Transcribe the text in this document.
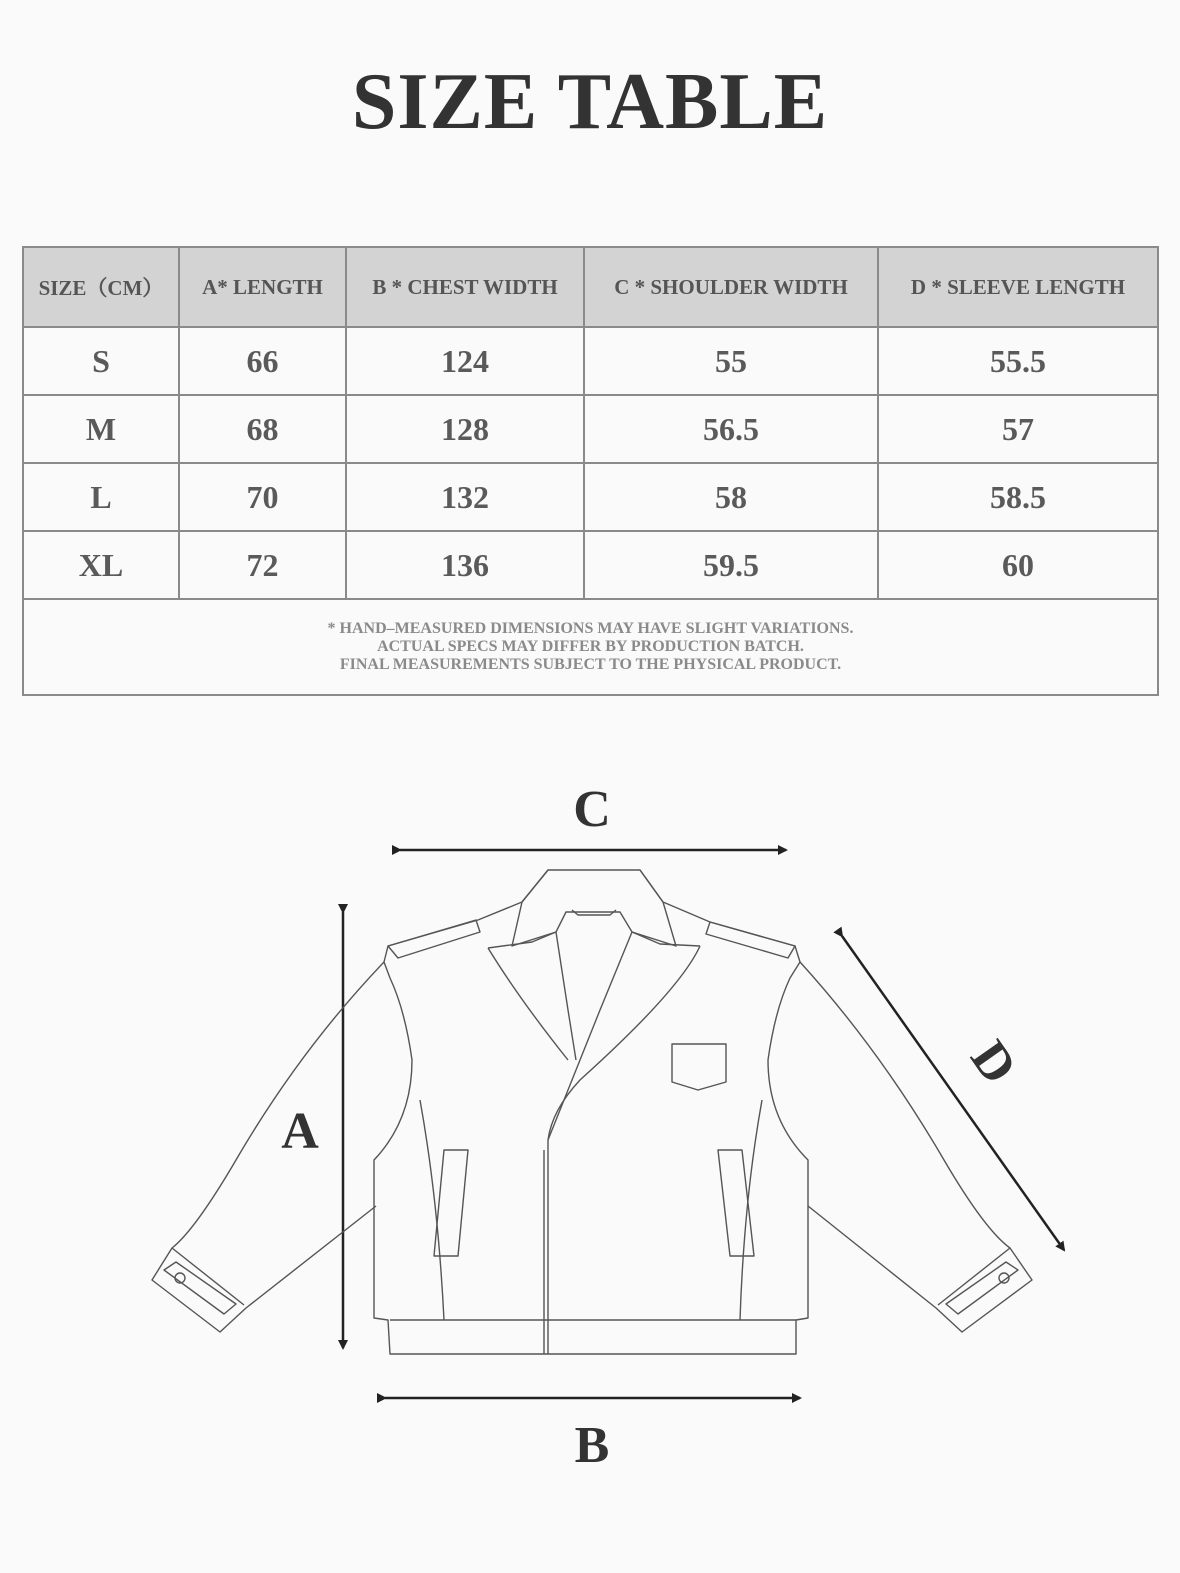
SIZE TABLE
SIZE（CM）	A* LENGTH	B * CHEST WIDTH	C * SHOULDER WIDTH	D * SLEEVE LENGTH
S	66	124	55	55.5
M	68	128	56.5	57
L	70	132	58	58.5
XL	72	136	59.5	60

* HAND–MEASURED DIMENSIONS MAY HAVE SLIGHT VARIATIONS.
ACTUAL SPECS MAY DIFFER BY PRODUCTION BATCH.
FINAL MEASUREMENTS SUBJECT TO THE PHYSICAL PRODUCT.				
C
A
B
D
